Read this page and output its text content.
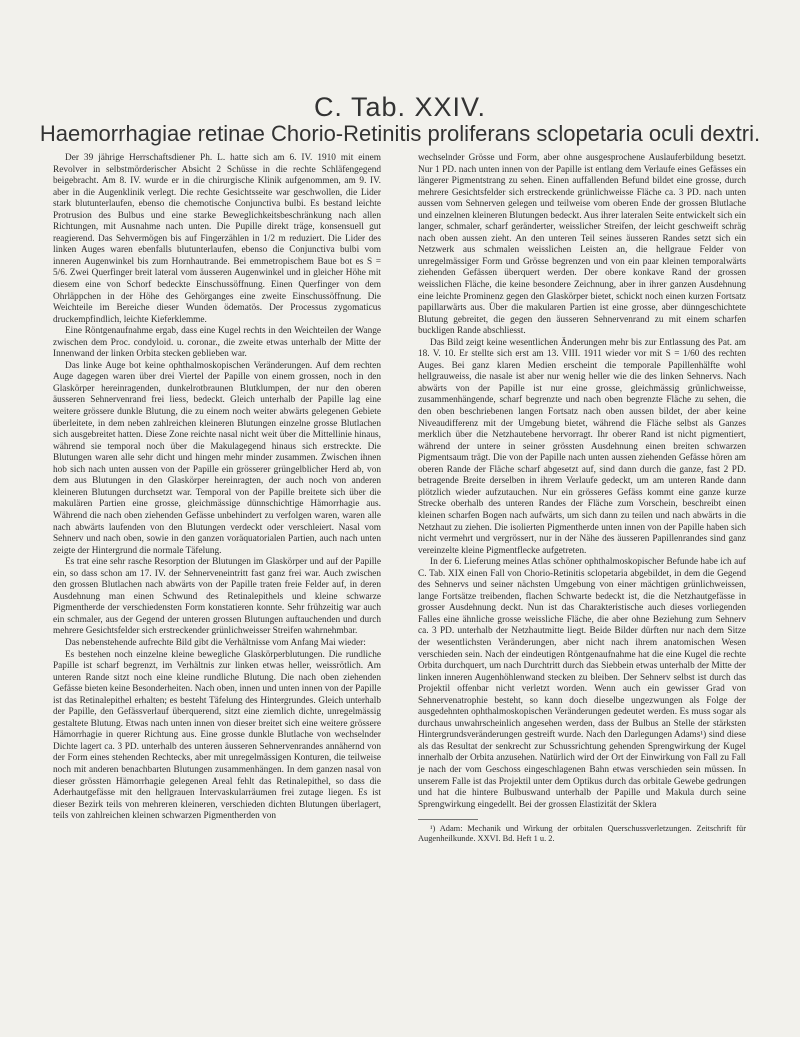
C. Tab. XXIV.
Haemorrhagiae retinae Chorio-Retinitis proliferans sclopetaria oculi dextri.

Der 39 jährige Herrschaftsdiener Ph. L. hatte sich am 6. IV. 1910 mit einem Revolver in selbstmörderischer Absicht 2 Schüsse in die rechte Schläfengegend beigebracht. Am 8. IV. wurde er in die chirurgische Klinik aufgenommen, am 9. IV. aber in die Augenklinik verlegt. Die rechte Gesichtsseite war geschwollen, die Lider stark blutunterlaufen, ebenso die chemotische Conjunctiva bulbi. Es bestand leichte Protrusion des Bulbus und eine starke Beweglichkeitsbeschränkung nach allen Richtungen, mit Ausnahme nach unten. Die Pupille direkt träge, konsensuell gut reagierend. Das Sehvermögen bis auf Fingerzählen in 1/2 m reduziert. Die Lider des linken Auges waren ebenfalls blutunterlaufen, ebenso die Conjunctiva bulbi vom inneren Augenwinkel bis zum Hornhautrande. Bei emmetropischem Baue bot es S = 5/6. Zwei Querfinger breit lateral vom äusseren Augenwinkel und in gleicher Höhe mit diesem eine von Schorf bedeckte Einschussöffnung. Einen Querfinger von dem Ohrläppchen in der Höhe des Gehörganges eine zweite Einschussöffnung. Die Weichteile im Bereiche dieser Wunden ödematös. Der Processus zygomaticus druckempfindlich, leichte Kieferklemme.

Eine Röntgenaufnahme ergab, dass eine Kugel rechts in den Weichteilen der Wange zwischen dem Proc. condyloid. u. coronar., die zweite etwas unterhalb der Mitte der Innenwand der linken Orbita stecken geblieben war.

Das linke Auge bot keine ophthalmoskopischen Veränderungen. Auf dem rechten Auge dagegen waren über drei Viertel der Papille von einem grossen, noch in den Glaskörper hereinragenden, dunkelrotbraunen Blutklumpen, der nur den oberen äusseren Sehnervenrand frei liess, bedeckt. Gleich unterhalb der Papille lag eine weitere grössere dunkle Blutung, die zu einem noch weiter abwärts gelegenen Gebiete überleitete, in dem neben zahlreichen kleineren Blutungen einzelne grosse Blutlachen sich ausgebreitet hatten. Diese Zone reichte nasal nicht weit über die Mittellinie hinaus, während sie temporal noch über die Makulagegend hinaus sich erstreckte. Die Blutungen waren alle sehr dicht und hingen mehr minder zusammen. Zwischen ihnen hob sich nach unten aussen von der Papille ein grösserer grüngelblicher Herd ab, von dem aus Blutungen in den Glaskörper hereinragten, der auch noch von anderen kleineren Blutungen durchsetzt war. Temporal von der Papille breitete sich über die makulären Partien eine grosse, gleichmässige dünnschichtige Hämorrhagie aus. Während die nach oben ziehenden Gefässe unbehindert zu verfolgen waren, waren alle nach abwärts laufenden von den Blutungen verdeckt oder verschleiert. Nasal vom Sehnerv und nach oben, sowie in den ganzen voräquatorialen Partien, auch nach unten zeigte der Hintergrund die normale Täfelung.

Es trat eine sehr rasche Resorption der Blutungen im Glaskörper und auf der Papille ein, so dass schon am 17. IV. der Sehnerveneintritt fast ganz frei war. Auch zwischen den grossen Blutlachen nach abwärts von der Papille traten freie Felder auf, in deren Ausdehnung man einen Schwund des Retinalepithels und kleine schwarze Pigmentherde der verschiedensten Form konstatieren konnte. Sehr frühzeitig war auch ein schmaler, aus der Gegend der unteren grossen Blutungen auftauchenden und durch mehrere Gesichtsfelder sich erstreckender grünlichweisser Streifen wahrnehmbar.

Das nebenstehende aufrechte Bild gibt die Verhältnisse vom Anfang Mai wieder:

Es bestehen noch einzelne kleine bewegliche Glaskörperblutungen. Die rundliche Papille ist scharf begrenzt, im Verhältnis zur linken etwas heller, weissrötlich. Am unteren Rande sitzt noch eine kleine rundliche Blutung. Die nach oben ziehenden Gefässe bieten keine Besonderheiten. Nach oben, innen und unten innen von der Papille ist das Retinalepithel erhalten; es besteht Täfelung des Hintergrundes. Gleich unterhalb der Papille, den Gefässverlauf überquerend, sitzt eine ziemlich dichte, unregelmässig gestaltete Blutung. Etwas nach unten innen von dieser breitet sich eine weitere grössere Hämorrhagie in querer Richtung aus. Eine grosse dunkle Blutlache von wechselnder Dichte lagert ca. 3 PD. unterhalb des unteren äusseren Sehnervenrandes annähernd von der Form eines stehenden Rechtecks, aber mit unregelmässigen Konturen, die teilweise noch mit anderen benachbarten Blutungen zusammenhängen. In dem ganzen nasal von dieser grössten Hämorrhagie gelegenen Areal fehlt das Retinalepithel, so dass die Aderhautgefässe mit den hellgrauen Intervaskularräumen frei zutage liegen. Es ist dieser Bezirk teils von mehreren kleineren, verschieden dichten Blutungen überlagert, teils von zahlreichen kleinen schwarzen Pigmentherden von

wechselnder Grösse und Form, aber ohne ausgesprochene Auslauferbildung besetzt. Nur 1 PD. nach unten innen von der Papille ist entlang dem Verlaufe eines Gefässes ein längerer Pigmentstrang zu sehen. Einen auffallenden Befund bildet eine grosse, durch mehrere Gesichtsfelder sich erstreckende grünlichweisse Fläche ca. 3 PD. nach unten aussen vom Sehnerven gelegen und teilweise vom oberen Ende der grossen Blutlache und einzelnen kleineren Blutungen bedeckt. Aus ihrer lateralen Seite entwickelt sich ein langer, schmaler, scharf geränderter, weisslicher Streifen, der leicht geschweift schräg nach oben aussen zieht. An den unteren Teil seines äusseren Randes setzt sich ein Netzwerk aus schmalen weisslichen Leisten an, die hellgraue Felder von unregelmässiger Form und Grösse begrenzen und von ein paar kleinen temporalwärts ziehenden Gefässen überquert werden. Der obere konkave Rand der grossen weisslichen Fläche, die keine besondere Zeichnung, aber in ihrer ganzen Ausdehnung eine leichte Prominenz gegen den Glaskörper bietet, schickt noch einen kurzen Fortsatz papillarwärts aus. Über die makularen Partien ist eine grosse, aber dünngeschichtete Blutung gebreitet, die gegen den äusseren Sehnervenrand zu mit einem scharfen buckligen Rande abschliesst.

Das Bild zeigt keine wesentlichen Änderungen mehr bis zur Entlassung des Pat. am 18. V. 10. Er stellte sich erst am 13. VIII. 1911 wieder vor mit S = 1/60 des rechten Auges. Bei ganz klaren Medien erscheint die temporale Papillenhälfte wohl hellgrauweiss, die nasale ist aber nur wenig heller wie die des linken Sehnervs. Nach abwärts von der Papille ist nur eine grosse, gleichmässig grünlichweisse, zusammenhängende, scharf begrenzte und nach oben begrenzte Fläche zu sehen, die den oben beschriebenen langen Fortsatz nach oben aussen bildet, der aber keine Niveaudifferenz mit der Umgebung bietet, während die Fläche selbst als Ganzes merklich über die Netzhautebene hervorragt. Ihr oberer Rand ist nicht pigmentiert, während der untere in seiner grössten Ausdehnung einen breiten schwarzen Pigmentsaum trägt. Die von der Papille nach unten aussen ziehenden Gefässe hören am oberen Rande der Fläche scharf abgesetzt auf, sind dann durch die ganze, fast 2 PD. betragende Breite derselben in ihrem Verlaufe gedeckt, um am unteren Rande dann plötzlich wieder aufzutauchen. Nur ein grösseres Gefäss kommt eine ganze kurze Strecke oberhalb des unteren Randes der Fläche zum Vorschein, beschreibt einen kleinen scharfen Bogen nach aufwärts, um sich dann zu teilen und nach abwärts in die Netzhaut zu ziehen. Die isolierten Pigmentherde unten innen von der Papille haben sich nicht vermehrt und vergrössert, nur in der Nähe des äusseren Papillenrandes sind ganz vereinzelte kleine Pigmentflecke aufgetreten.

In der 6. Lieferung meines Atlas schöner ophthalmoskopischer Befunde habe ich auf C. Tab. XIX einen Fall von Chorio-Retinitis sclopetaria abgebildet, in dem die Gegend des Sehnervs und seiner nächsten Umgebung von einer mächtigen grünlichweissen, lange Fortsätze treibenden, flachen Schwarte bedeckt ist, die die Netzhautgefässe in grosser Ausdehnung deckt. Nun ist das Charakteristische auch dieses vorliegenden Falles eine ähnliche grosse weissliche Fläche, die aber ohne Beziehung zum Sehnerv ca. 3 PD. unterhalb der Netzhautmitte liegt. Beide Bilder dürften nur nach dem Sitze der wesentlichsten Veränderungen, aber nicht nach ihrem anatomischen Wesen verschieden sein. Nach der eindeutigen Röntgenaufnahme hat die eine Kugel die rechte Orbita durchquert, um nach Durchtritt durch das Siebbein etwas unterhalb der Mitte der linken inneren Augenhöhlenwand stecken zu bleiben. Der Sehnerv selbst ist durch das Projektil offenbar nicht verletzt worden. Wenn auch ein gewisser Grad von Sehnervenatrophie besteht, so kann doch dieselbe ungezwungen als Folge der ausgedehnten ophthalmoskopischen Veränderungen gedeutet werden. Es muss sogar als durchaus unwahrscheinlich angesehen werden, dass der Bulbus an Stelle der stärksten Hintergrundsveränderungen gestreift wurde. Nach den Darlegungen Adams¹) sind diese als das Resultat der senkrecht zur Schussrichtung gehenden Sprengwirkung der Kugel innerhalb der Orbita anzusehen. Natürlich wird der Ort der Einwirkung von Fall zu Fall je nach der vom Geschoss eingeschlagenen Bahn etwas verschieden sein müssen. In unserem Falle ist das Projektil unter dem Optikus durch das orbitale Gewebe gedrungen und hat die hintere Bulbuswand unterhalb der Papille und Makula durch seine Sprengwirkung eingedellt. Bei der grossen Elastizität der Sklera

¹) Adam: Mechanik und Wirkung der orbitalen Querschussverletzungen. Zeitschrift für Augenheilkunde. XXVI. Bd. Heft 1 u. 2.
